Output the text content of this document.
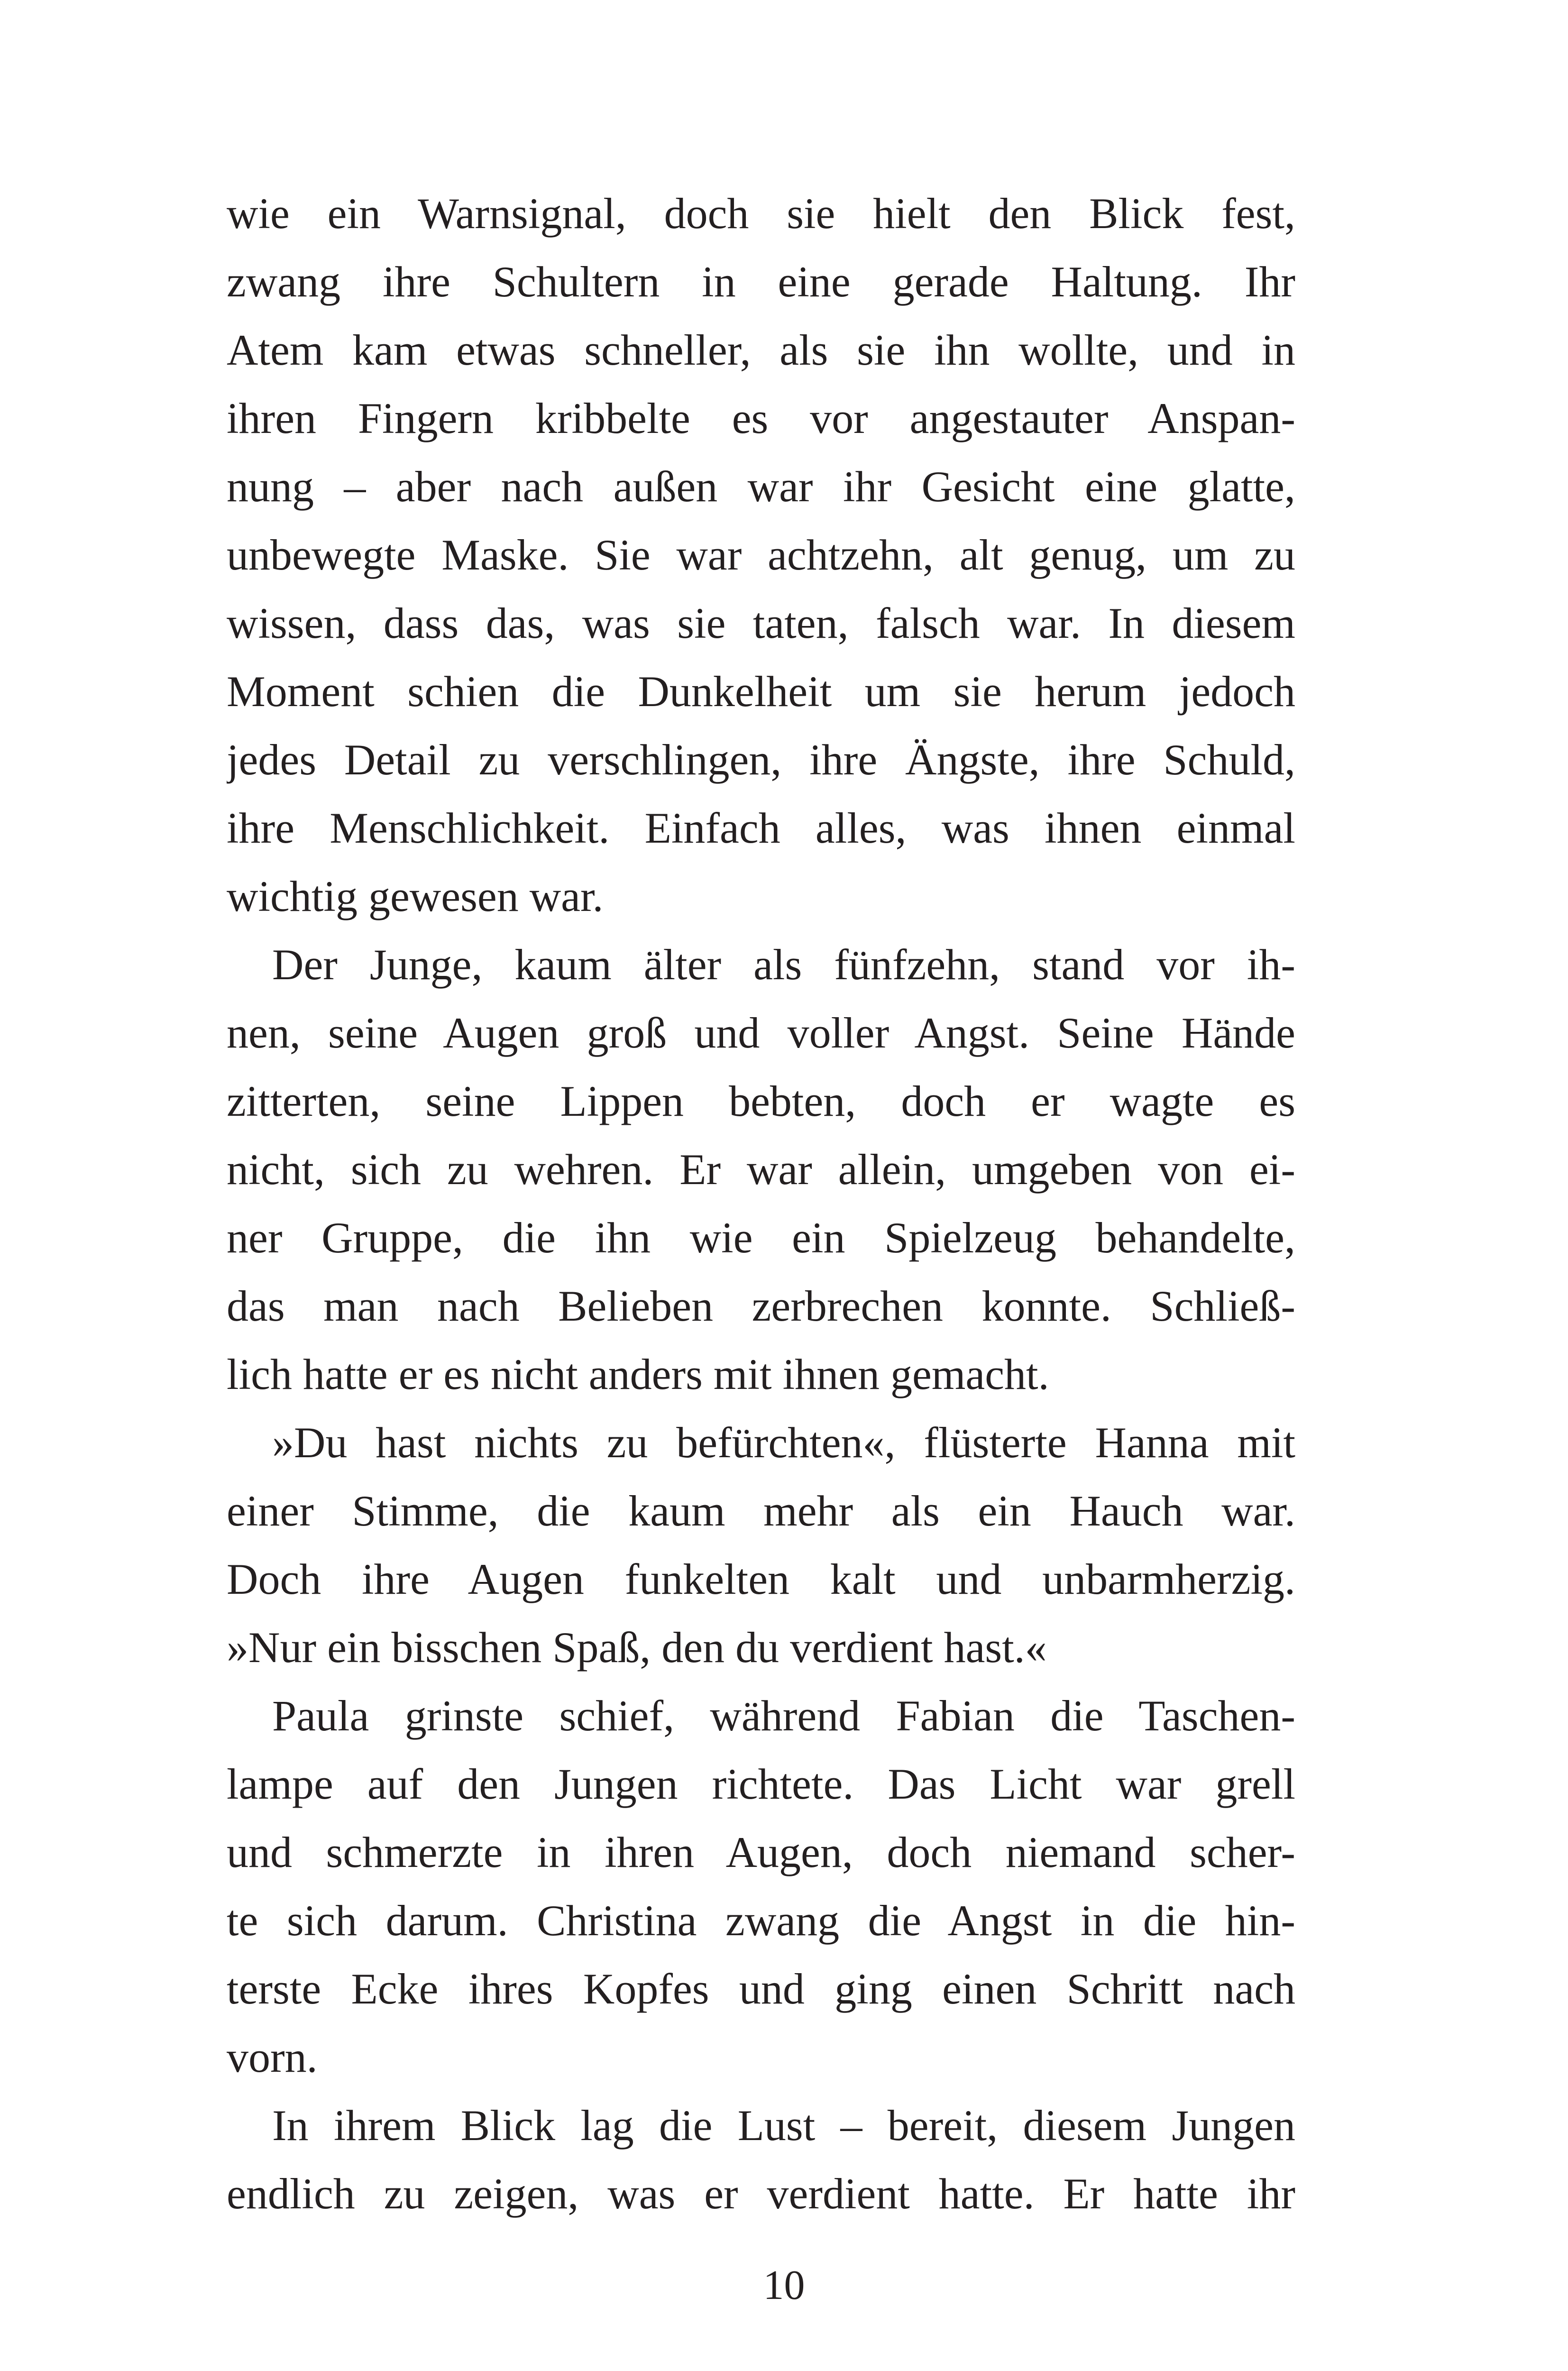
wie ein Warnsignal, doch sie hielt den Blick fest,
zwang ihre Schultern in eine gerade Haltung. Ihr
Atem kam etwas schneller, als sie ihn wollte, und in
ihren Fingern kribbelte es vor angestauter Anspan-
nung – aber nach außen war ihr Gesicht eine glatte,
unbewegte Maske. Sie war achtzehn, alt genug, um zu
wissen, dass das, was sie taten, falsch war. In diesem
Moment schien die Dunkelheit um sie herum jedoch
jedes Detail zu verschlingen, ihre Ängste, ihre Schuld,
ihre Menschlichkeit. Einfach alles, was ihnen einmal
wichtig gewesen war.
Der Junge, kaum älter als fünfzehn, stand vor ih-
nen, seine Augen groß und voller Angst. Seine Hände
zitterten, seine Lippen bebten, doch er wagte es
nicht, sich zu wehren. Er war allein, umgeben von ei-
ner Gruppe, die ihn wie ein Spielzeug behandelte,
das man nach Belieben zerbrechen konnte. Schließ-
lich hatte er es nicht anders mit ihnen gemacht.
»Du hast nichts zu befürchten«, flüsterte Hanna mit
einer Stimme, die kaum mehr als ein Hauch war.
Doch ihre Augen funkelten kalt und unbarmherzig.
»Nur ein bisschen Spaß, den du verdient hast.«
Paula grinste schief, während Fabian die Taschen-
lampe auf den Jungen richtete. Das Licht war grell
und schmerzte in ihren Augen, doch niemand scher-
te sich darum. Christina zwang die Angst in die hin-
terste Ecke ihres Kopfes und ging einen Schritt nach
vorn.
In ihrem Blick lag die Lust – bereit, diesem Jungen
endlich zu zeigen, was er verdient hatte. Er hatte ihr
10
